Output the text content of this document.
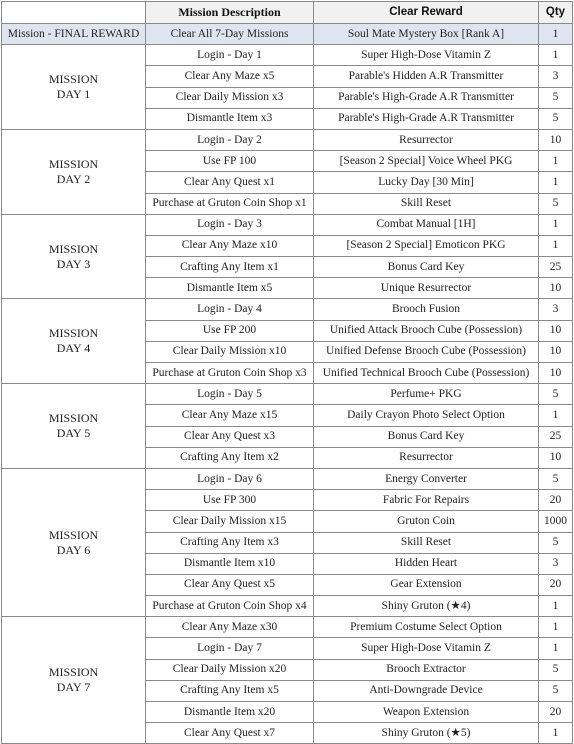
	Mission Description	Clear Reward	Qty
Mission - FINAL REWARD	Clear All 7-Day Missions	Soul Mate Mystery Box [Rank A]	1
MISSION
DAY 1	Login - Day 1	Super High-Dose Vitamin Z	1
	Clear Any Maze x5	Parable's Hidden A.R Transmitter	3
	Clear Daily Mission x3	Parable's High-Grade A.R Transmitter	5
	Dismantle Item x3	Parable's High-Grade A.R Transmitter	5
MISSION
DAY 2	Login - Day 2	Resurrector	10
	Use FP 100	[Season 2 Special] Voice Wheel PKG	1
	Clear Any Quest x1	Lucky Day [30 Min]	1
	Purchase at Gruton Coin Shop x1	Skill Reset	5
MISSION
DAY 3	Login - Day 3	Combat Manual [1H]	1
	Clear Any Maze x10	[Season 2 Special] Emoticon PKG	1
	Crafting Any Item x1	Bonus Card Key	25
	Dismantle Item x5	Unique Resurrector	10
MISSION
DAY 4	Login - Day 4	Brooch Fusion	3
	Use FP 200	Unified Attack Brooch Cube (Possession)	10
	Clear Daily Mission x10	Unified Defense Brooch Cube (Possession)	10
	Purchase at Gruton Coin Shop x3	Unified Technical Brooch Cube (Possession)	10
MISSION
DAY 5	Login - Day 5	Perfume+ PKG	5
	Clear Any Maze x15	Daily Crayon Photo Select Option	1
	Clear Any Quest x3	Bonus Card Key	25
	Crafting Any Item x2	Resurrector	10
MISSION
DAY 6	Login - Day 6	Energy Converter	5
	Use FP 300	Fabric For Repairs	20
	Clear Daily Mission x15	Gruton Coin	1000
	Crafting Any Item x3	Skill Reset	5
	Dismantle Item x10	Hidden Heart	3
	Clear Any Quest x5	Gear Extension	20
	Purchase at Gruton Coin Shop x4	Shiny Gruton (★4)	1
MISSION
DAY 7	Clear Any Maze x30	Premium Costume Select Option	1
	Login - Day 7	Super High-Dose Vitamin Z	1
	Clear Daily Mission x20	Brooch Extractor	5
	Crafting Any Item x5	Anti-Downgrade Device	5
	Dismantle Item x20	Weapon Extension	20
	Clear Any Quest x7	Shiny Gruton (★5)	1
